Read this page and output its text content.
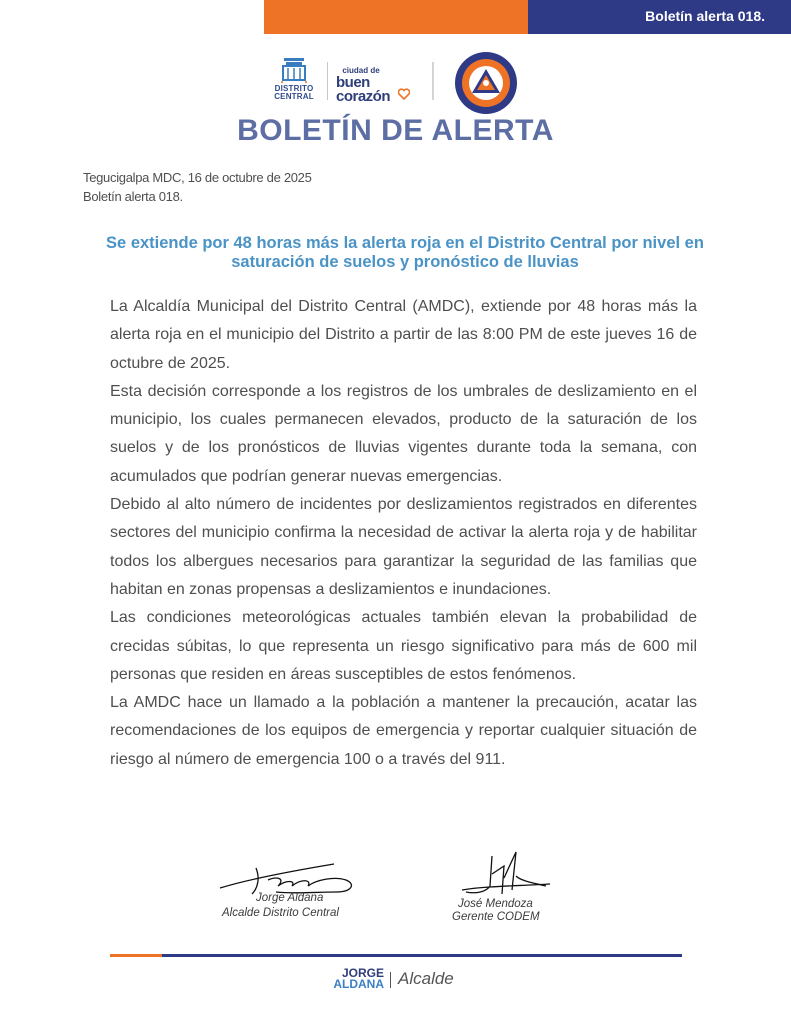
Boletín alerta 018.
DISTRITO CENTRAL
ciudad de
buen
corazón
BOLETÍN DE ALERTA
Tegucigalpa MDC, 16 de octubre de 2025
Boletín alerta 018.
Se extiende por 48 horas más la alerta roja en el Distrito Central por nivel en saturación de suelos y pronóstico de lluvias

La Alcaldía Municipal del Distrito Central (AMDC), extiende por 48 horas más la alerta roja en el municipio del Distrito a partir de las 8:00 PM de este jueves 16 de octubre de 2025.

Esta decisión corresponde a los registros de los umbrales de deslizamiento en el municipio, los cuales permanecen elevados, producto de la saturación de los suelos y de los pronósticos de lluvias vigentes durante toda la semana, con acumulados que podrían generar nuevas emergencias.

Debido al alto número de incidentes por deslizamientos registrados en diferentes sectores del municipio confirma la necesidad de activar la alerta roja y de habilitar todos los albergues necesarios para garantizar la seguridad de las familias que habitan en zonas propensas a deslizamientos e inundaciones.

Las condiciones meteorológicas actuales también elevan la probabilidad de crecidas súbitas, lo que representa un riesgo significativo para más de 600 mil personas que residen en áreas susceptibles de estos fenómenos.

La AMDC hace un llamado a la población a mantener la precaución, acatar las recomendaciones de los equipos de emergencia y reportar cualquier situación de riesgo al número de emergencia 100 o a través del 911.

Jorge Aldana
Alcalde Distrito Central
José Mendoza
Gerente CODEM
JORGE
ALDANA Alcalde
